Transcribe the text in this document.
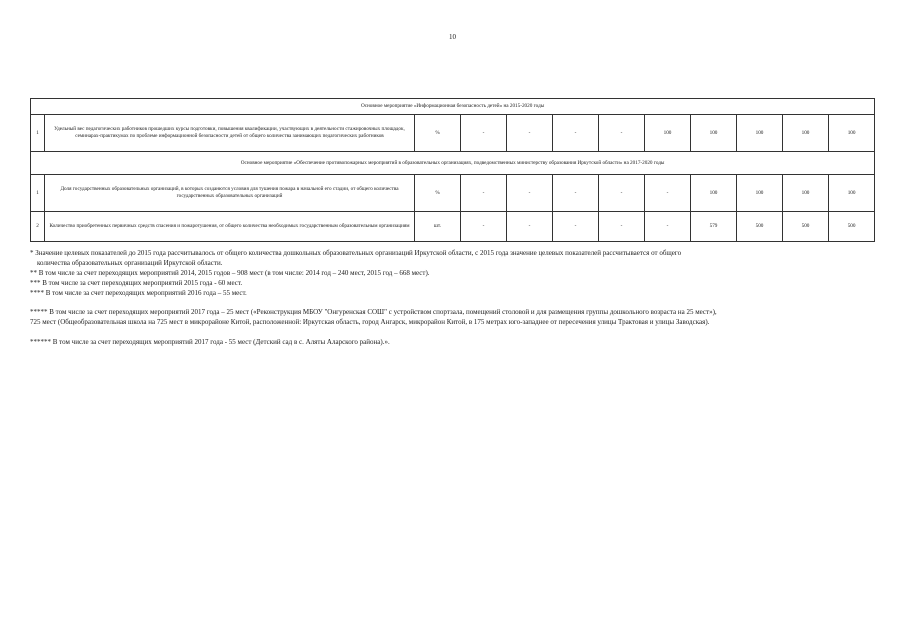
10
Основное мероприятие «Информационная безопасность детей» на 2015-2020 годы											
1	Удельный вес педагогических работников прошедших курсы подготовки, повышения квалификации, участвующих в деятельности стажировочных площадок, семинарах-практикумах по проблеме информационной безопасности детей от общего количества занимающих педагогических работников	%	-	-	-	-	100	100	100	100	100
Основное мероприятие «Обеспечение противопожарных мероприятий в образовательных организациях, подведомственных министерству образования Иркутской области» на 2017-2020 годы											
1	Доля государственных образовательных организаций, в которых созданются условия для тушения пожара в начальной его стадии, от общего количества государственных образовательных организаций	%	-	-	-	-	-	100	100	100	100
2	Количество приобретенных первичных средств спасения и пожаротушения, от общего количества необходимых государственным образовательным организациям	шт.	-	-	-	-	-	579	500	500	500

* Значение целевых показателей до 2015 года рассчитывалось от общего количества дошкольных образовательных организаций Иркутской области, с 2015 года значение целевых показателей рассчитывается от общего

количества образовательных организаций Иркутской области.

** В том числе за счет переходящих мероприятий 2014, 2015 годов – 908 мест (в том числе: 2014 год – 240 мест, 2015 год – 668 мест).

*** В том числе за счет переходящих мероприятий 2015 года - 60 мест.

**** В том числе за счет переходящих мероприятий 2016 года – 55 мест.

***** В том числе за счет переходящих мероприятий 2017 года – 25 мест («Реконструкция МБОУ "Онгуренская СОШ" с устройством спортзала, помещений столовой и для размещения группы дошкольного возраста на 25 мест»),

725 мест (Общеобразовательная школа на 725 мест в микрорайоне Китой, расположенной: Иркутская область, город Ангарск, микрорайон Китой, в 175 метрах юго-западнее от пересечения улицы Трактовая и улицы Заводская).

****** В том числе за счет переходящих мероприятий 2017 года - 55 мест (Детский сад в с. Аляты Аларского района).».
